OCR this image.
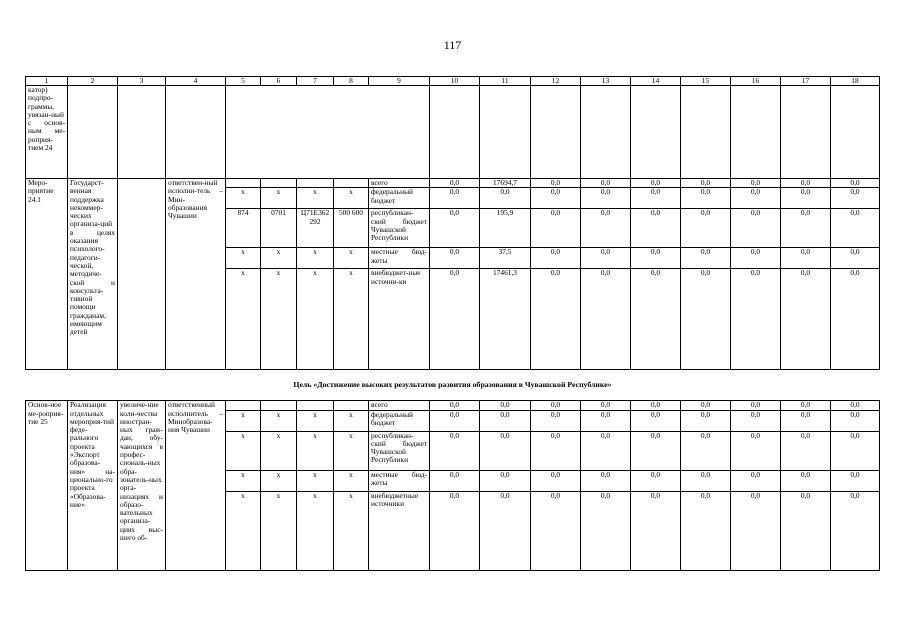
117
1	2	3	4	5	6	7	8	9	10	11	12	13	14	15	16	17	18
катор) подпро-граммы, увязан-ный с основ-ным ме-роприя-тием 24																	
Меро-приятие 24.1	Государст-венная поддержка некоммер-ческих организа-ций в целях оказания психолого-педагоги-ческой, методиче-ской и консульта-тивной помощи гражданам, имеющим детей		ответствен-ный исполни-тель – Мин-образования Чувашии					всего	0,0	17694,7	0,0	0,0	0,0	0,0	0,0	0,0	0,0
				x	x	x	x	федеральный бюджет	0,0	0,0	0,0	0,0	0,0	0,0	0,0	0,0	0,0
				874	0701	Ц71Е362 292	500 600	республикан-ский бюджет Чувашской Республики	0,0	195,9	0,0	0,0	0,0	0,0	0,0	0,0	0,0
				x	x	x	x	местные бюд-жеты	0,0	37,5	0,0	0,0	0,0	0,0	0,0	0,0	0,0
				x	x	x	x	внебюджет-ные источни-ки	0,0	17461,3	0,0	0,0	0,0	0,0	0,0	0,0	0,0
Цель «Достижение высоких результатов развития образования в Чувашской Республике»																	
Основ-ное ме-роприя-тие 25	Реализация отдельных мероприя-тий феде-рального проекта «Экспорт образова-ния» на-ционально-го проекта «Образова-ние»	увеличе-ние коли-чества иностран-ных граж-дан, обу-чающихся в профес-сиональ-ных обра-зователь-ных орга-низациях и образо-вательных организа-циях выс-шего об-	ответственный исполнитель – Минобразова-ния Чувашии					всего	0,0	0,0	0,0	0,0	0,0	0,0	0,0	0,0	0,0
				x	x	x	x	федеральный бюджет	0,0	0,0	0,0	0,0	0,0	0,0	0,0	0,0	0,0
				x	x	x	x	республикан-ский бюджет Чувашской Республики	0,0	0,0	0,0	0,0	0,0	0,0	0,0	0,0	0,0
				x	x	x	x	местные бюд-жеты	0,0	0,0	0,0	0,0	0,0	0,0	0,0	0,0	0,0
				x	x	x	x	внебюджетные источники	0,0	0,0	0,0	0,0	0,0	0,0	0,0	0,0	0,0
